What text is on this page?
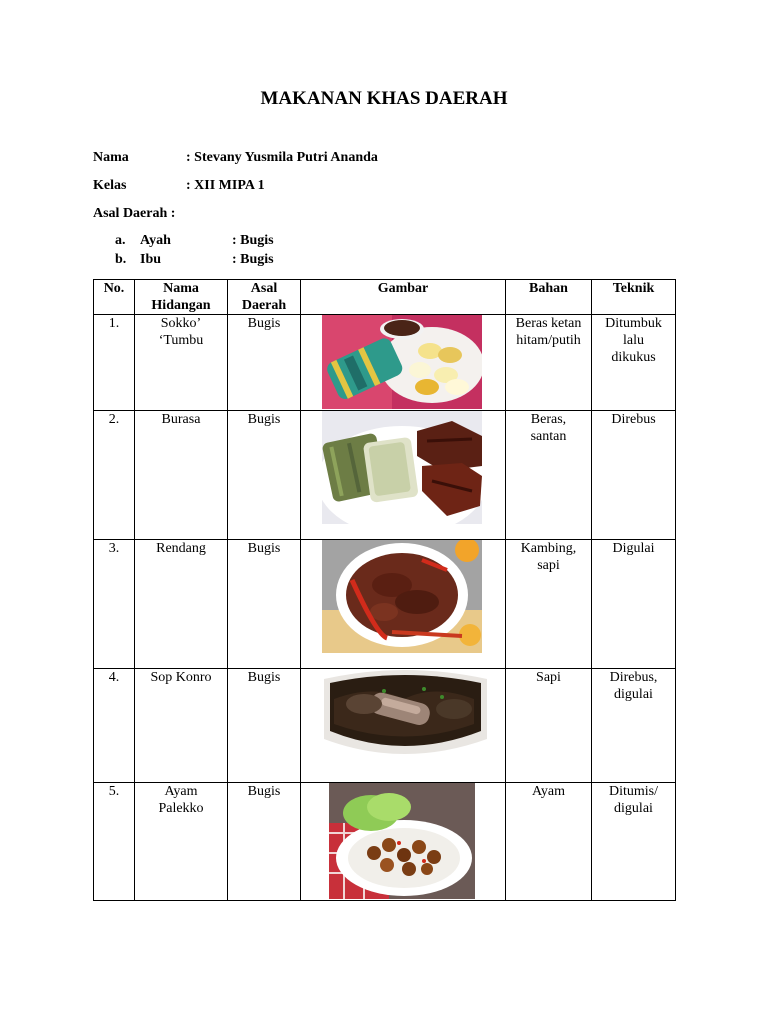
MAKANAN KHAS DAERAH
Nama	: Stevany Yusmila Putri Ananda
Kelas	: XII MIPA 1
Asal Daerah :
a. Ayah	: Bugis
b. Ibu	: Bugis
No.	Nama Hidangan	Asal Daerah	Gambar	Bahan	Teknik
1.	Sokko’ ‘Tumbu	Bugis		Beras ketan hitam/putih	Ditumbuk lalu dikukus
2.	Burasa	Bugis		Beras, santan	Direbus
3.	Rendang	Bugis		Kambing, sapi	Digulai
4.	Sop Konro	Bugis		Sapi	Direbus, digulai
5.	Ayam Palekko	Bugis		Ayam	Ditumis/ digulai
